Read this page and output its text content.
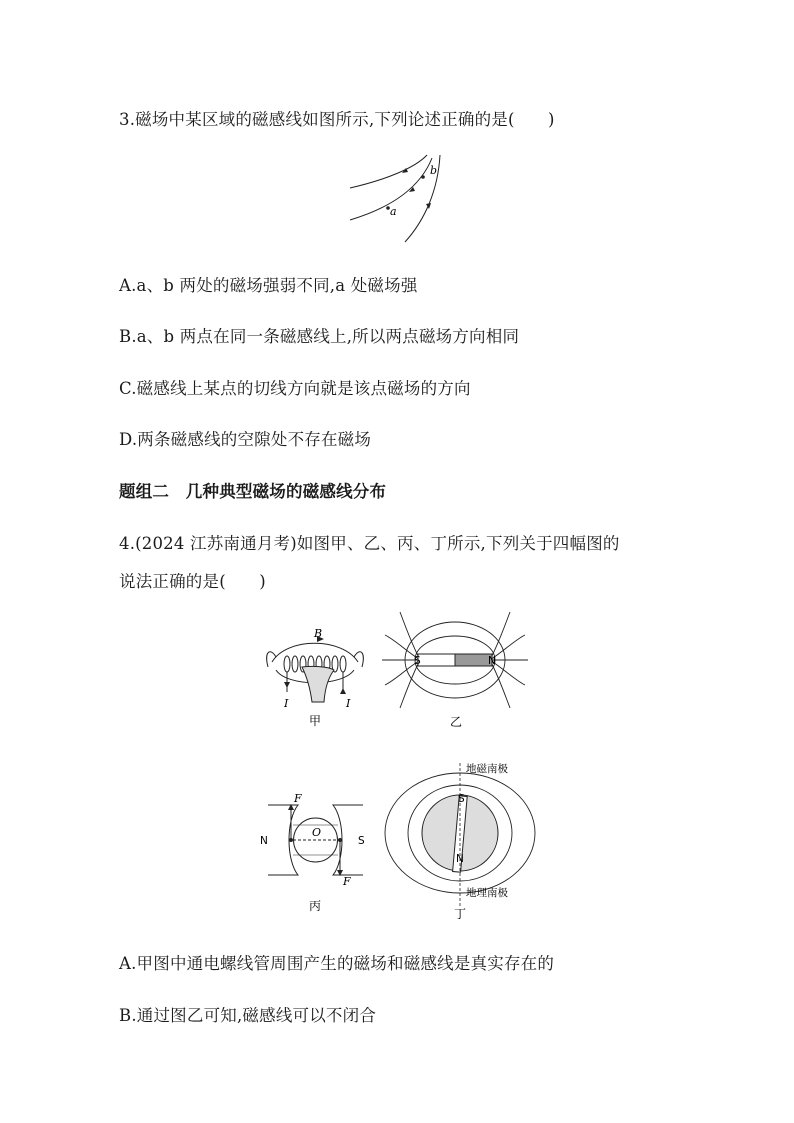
3.磁场中某区域的磁感线如图所示,下列论述正确的是(　　)
a
b
A.a、b 两处的磁场强弱不同,a 处磁场强
B.a、b 两点在同一条磁感线上,所以两点磁场方向相同
C.磁感线上某点的切线方向就是该点磁场的方向
D.两条磁感线的空隙处不存在磁场
题组二　几种典型磁场的磁感线分布
4.(2024 江苏南通月考)如图甲、乙、丙、丁所示,下列关于四幅图的
说法正确的是(　　)
B
I	I
甲
S	N
乙
N	S
O
F
F
丙
S
N
地磁南极
地理南极
丁
A.甲图中通电螺线管周围产生的磁场和磁感线是真实存在的
B.通过图乙可知,磁感线可以不闭合
